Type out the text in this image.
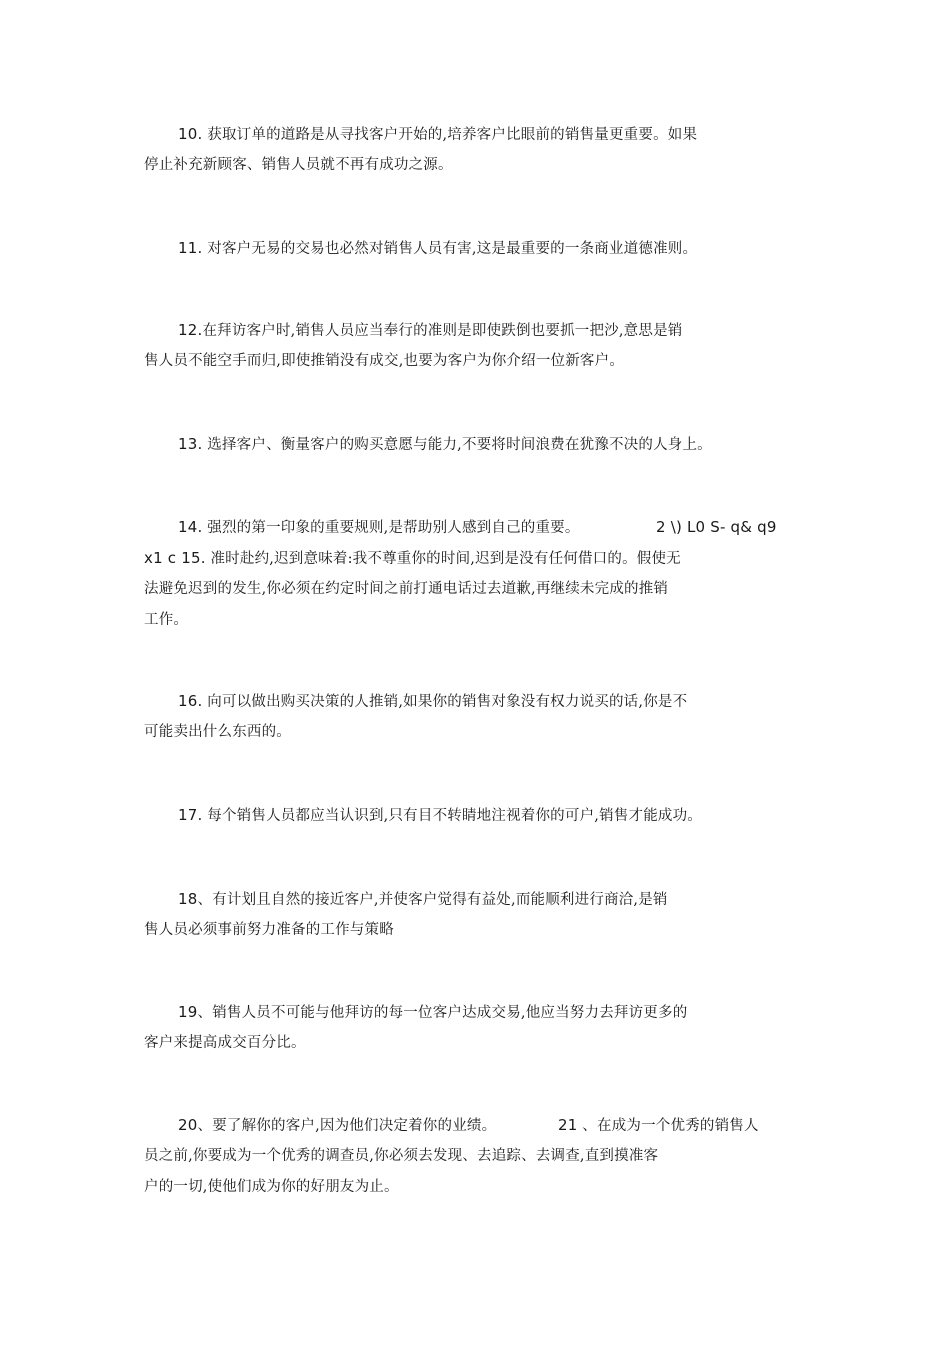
10. 获取订单的道路是从寻找客户开始的,培养客户比眼前的销售量更重要。如果
停止补充新顾客、销售人员就不再有成功之源。
11. 对客户无易的交易也必然对销售人员有害,这是最重要的一条商业道德准则。
12.在拜访客户时,销售人员应当奉行的准则是即使跌倒也要抓一把沙,意思是销
售人员不能空手而归,即使推销没有成交,也要为客户为你介绍一位新客户。
13. 选择客户、衡量客户的购买意愿与能力,不要将时间浪费在犹豫不决的人身上。
14. 强烈的第一印象的重要规则,是帮助别人感到自己的重要。	2 \) L0 S- q& q9
x1 c 15. 准时赴约,迟到意味着:我不尊重你的时间,迟到是没有任何借口的。假使无
法避免迟到的发生,你必须在约定时间之前打通电话过去道歉,再继续未完成的推销
工作。
16. 向可以做出购买决策的人推销,如果你的销售对象没有权力说买的话,你是不
可能卖出什么东西的。
17. 每个销售人员都应当认识到,只有目不转睛地注视着你的可户,销售才能成功。
18、有计划且自然的接近客户,并使客户觉得有益处,而能顺利进行商洽,是销
售人员必须事前努力准备的工作与策略
19、销售人员不可能与他拜访的每一位客户达成交易,他应当努力去拜访更多的
客户来提高成交百分比。
20、要了解你的客户,因为他们决定着你的业绩。	21 、在成为一个优秀的销售人
员之前,你要成为一个优秀的调查员,你必须去发现、去追踪、去调查,直到摸准客
户的一切,使他们成为你的好朋友为止。
